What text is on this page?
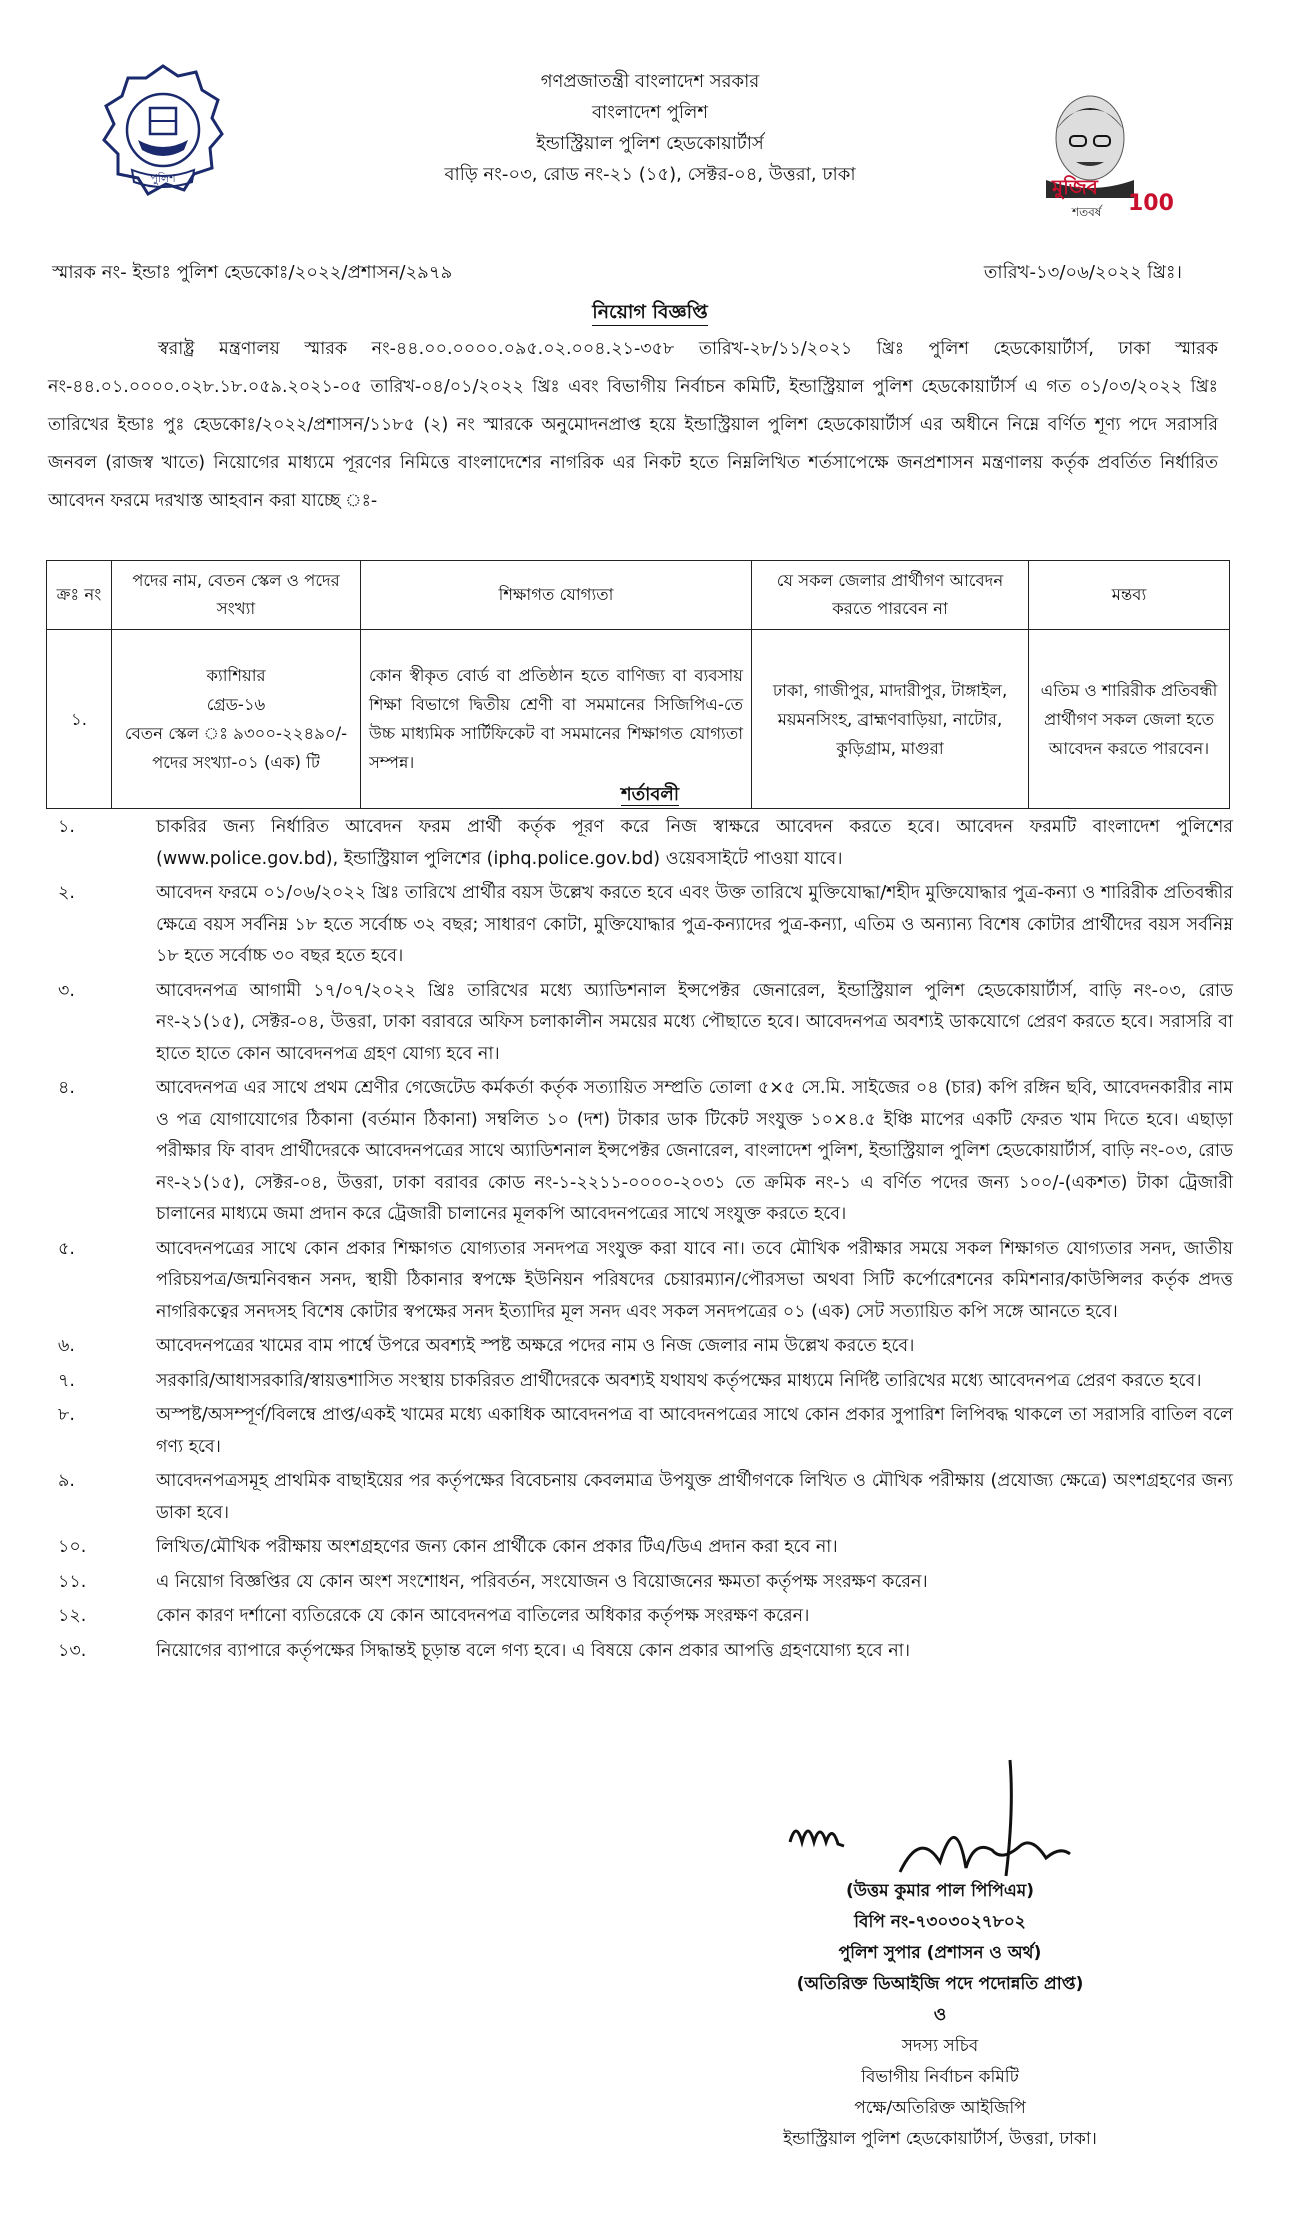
পুলিশ
গণপ্রজাতন্ত্রী বাংলাদেশ সরকার
বাংলাদেশ পুলিশ
ইন্ডাস্ট্রিয়াল পুলিশ হেডকোয়ার্টার্স
বাড়ি নং-০৩, রোড নং-২১ (১৫), সেক্টর-০৪, উত্তরা, ঢাকা
মুজিব
100
শতবর্ষ
স্মারক নং- ইন্ডাঃ পুলিশ হেডকোঃ/২০২২/প্রশাসন/২৯৭৯	তারিখ-১৩/০৬/২০২২ খ্রিঃ।
নিয়োগ বিজ্ঞপ্তি
স্বরাষ্ট্র মন্ত্রণালয় স্মারক নং-৪৪.০০.০০০০.০৯৫.০২.০০৪.২১-৩৫৮ তারিখ-২৮/১১/২০২১ খ্রিঃ পুলিশ হেডকোয়ার্টার্স, ঢাকা স্মারক নং-৪৪.০১.০০০০.০২৮.১৮.০৫৯.২০২১-০৫ তারিখ-০৪/০১/২০২২ খ্রিঃ এবং বিভাগীয় নির্বাচন কমিটি, ইন্ডাস্ট্রিয়াল পুলিশ হেডকোয়ার্টার্স এ গত ০১/০৩/২০২২ খ্রিঃ তারিখের ইন্ডাঃ পুঃ হেডকোঃ/২০২২/প্রশাসন/১১৮৫ (২) নং স্মারকে অনুমোদনপ্রাপ্ত হয়ে ইন্ডাস্ট্রিয়াল পুলিশ হেডকোয়ার্টার্স এর অধীনে নিম্নে বর্ণিত শূণ্য পদে সরাসরি জনবল (রাজস্ব খাতে) নিয়োগের মাধ্যমে পূরণের নিমিত্তে বাংলাদেশের নাগরিক এর নিকট হতে নিম্নলিখিত শর্তসাপেক্ষে জনপ্রশাসন মন্ত্রণালয় কর্তৃক প্রবর্তিত নির্ধারিত আবেদন ফরমে দরখাস্ত আহবান করা যাচ্ছে ঃ-
ক্রঃ নং	পদের নাম, বেতন স্কেল ও পদের সংখ্যা	শিক্ষাগত যোগ্যতা	যে সকল জেলার প্রার্থীগণ আবেদন করতে পারবেন না	মন্তব্য
১.	ক্যাশিয়ার
গ্রেড-১৬
বেতন স্কেল ঃ ৯৩০০-২২৪৯০/-
পদের সংখ্যা-০১ (এক) টি	কোন স্বীকৃত বোর্ড বা প্রতিষ্ঠান হতে বাণিজ্য বা ব্যবসায় শিক্ষা বিভাগে দ্বিতীয় শ্রেণী বা সমমানের সিজিপিএ-তে উচ্চ মাধ্যমিক সার্টিফিকেট বা সমমানের শিক্ষাগত যোগ্যতা সম্পন্ন।	ঢাকা, গাজীপুর, মাদারীপুর, টাঙ্গাইল, ময়মনসিংহ, ব্রাহ্মণবাড়িয়া, নাটোর, কুড়িগ্রাম, মাগুরা	এতিম ও শারিরীক প্রতিবন্ধী প্রার্থীগণ সকল জেলা হতে আবেদন করতে পারবেন।
শর্তাবলী
১.	চাকরির জন্য নির্ধারিত আবেদন ফরম প্রার্থী কর্তৃক পূরণ করে নিজ স্বাক্ষরে আবেদন করতে হবে। আবেদন ফরমটি বাংলাদেশ পুলিশের (www.police.gov.bd), ইন্ডাস্ট্রিয়াল পুলিশের (iphq.police.gov.bd) ওয়েবসাইটে পাওয়া যাবে।
২.	আবেদন ফরমে ০১/০৬/২০২২ খ্রিঃ তারিখে প্রার্থীর বয়স উল্লেখ করতে হবে এবং উক্ত তারিখে মুক্তিযোদ্ধা/শহীদ মুক্তিযোদ্ধার পুত্র-কন্যা ও শারিরীক প্রতিবন্ধীর ক্ষেত্রে বয়স সর্বনিম্ন ১৮ হতে সর্বোচ্চ ৩২ বছর; সাধারণ কোটা, মুক্তিযোদ্ধার পুত্র-কন্যাদের পুত্র-কন্যা, এতিম ও অন্যান্য বিশেষ কোটার প্রার্থীদের বয়স সর্বনিম্ন ১৮ হতে সর্বোচ্চ ৩০ বছর হতে হবে।
৩.	আবেদনপত্র আগামী ১৭/০৭/২০২২ খ্রিঃ তারিখের মধ্যে অ্যাডিশনাল ইন্সপেক্টর জেনারেল, ইন্ডাস্ট্রিয়াল পুলিশ হেডকোয়ার্টার্স, বাড়ি নং-০৩, রোড নং-২১(১৫), সেক্টর-০৪, উত্তরা, ঢাকা বরাবরে অফিস চলাকালীন সময়ের মধ্যে পৌছাতে হবে। আবেদনপত্র অবশ্যই ডাকযোগে প্রেরণ করতে হবে। সরাসরি বা হাতে হাতে কোন আবেদনপত্র গ্রহণ যোগ্য হবে না।
৪.	আবেদনপত্র এর সাথে প্রথম শ্রেণীর গেজেটেড কর্মকর্তা কর্তৃক সত্যায়িত সম্প্রতি তোলা ৫×৫ সে.মি. সাইজের ০৪ (চার) কপি রঙ্গিন ছবি, আবেদনকারীর নাম ও পত্র যোগাযোগের ঠিকানা (বর্তমান ঠিকানা) সম্বলিত ১০ (দশ) টাকার ডাক টিকেট সংযুক্ত ১০×৪.৫ ইঞ্চি মাপের একটি ফেরত খাম দিতে হবে। এছাড়া পরীক্ষার ফি বাবদ প্রার্থীদেরকে আবেদনপত্রের সাথে অ্যাডিশনাল ইন্সপেক্টর জেনারেল, বাংলাদেশ পুলিশ, ইন্ডাস্ট্রিয়াল পুলিশ হেডকোয়ার্টার্স, বাড়ি নং-০৩, রোড নং-২১(১৫), সেক্টর-০৪, উত্তরা, ঢাকা বরাবর কোড নং-১-২২১১-০০০০-২০৩১ তে ক্রমিক নং-১ এ বর্ণিত পদের জন্য ১০০/-(একশত) টাকা ট্রেজারী চালানের মাধ্যমে জমা প্রদান করে ট্রেজারী চালানের মূলকপি আবেদনপত্রের সাথে সংযুক্ত করতে হবে।
৫.	আবেদনপত্রের সাথে কোন প্রকার শিক্ষাগত যোগ্যতার সনদপত্র সংযুক্ত করা যাবে না। তবে মৌখিক পরীক্ষার সময়ে সকল শিক্ষাগত যোগ্যতার সনদ, জাতীয় পরিচয়পত্র/জন্মনিবন্ধন সনদ, স্থায়ী ঠিকানার স্বপক্ষে ইউনিয়ন পরিষদের চেয়ারম্যান/পৌরসভা অথবা সিটি কর্পোরেশনের কমিশনার/কাউন্সিলর কর্তৃক প্রদত্ত নাগরিকত্বের সনদসহ বিশেষ কোটার স্বপক্ষের সনদ ইত্যাদির মূল সনদ এবং সকল সনদপত্রের ০১ (এক) সেট সত্যায়িত কপি সঙ্গে আনতে হবে।
৬.	আবেদনপত্রের খামের বাম পার্শ্বে উপরে অবশ্যই স্পষ্ট অক্ষরে পদের নাম ও নিজ জেলার নাম উল্লেখ করতে হবে।
৭.	সরকারি/আধাসরকারি/স্বায়ত্তশাসিত সংস্থায় চাকরিরত প্রার্থীদেরকে অবশ্যই যথাযথ কর্তৃপক্ষের মাধ্যমে নির্দিষ্ট তারিখের মধ্যে আবেদনপত্র প্রেরণ করতে হবে।
৮.	অস্পষ্ট/অসম্পূর্ণ/বিলম্বে প্রাপ্ত/একই খামের মধ্যে একাধিক আবেদনপত্র বা আবেদনপত্রের সাথে কোন প্রকার সুপারিশ লিপিবদ্ধ থাকলে তা সরাসরি বাতিল বলে গণ্য হবে।
৯.	আবেদনপত্রসমূহ প্রাথমিক বাছাইয়ের পর কর্তৃপক্ষের বিবেচনায় কেবলমাত্র উপযুক্ত প্রার্থীগণকে লিখিত ও মৌখিক পরীক্ষায় (প্রযোজ্য ক্ষেত্রে) অংশগ্রহণের জন্য ডাকা হবে।
১০.	লিখিত/মৌখিক পরীক্ষায় অংশগ্রহণের জন্য কোন প্রার্থীকে কোন প্রকার টিএ/ডিএ প্রদান করা হবে না।
১১.	এ নিয়োগ বিজ্ঞপ্তির যে কোন অংশ সংশোধন, পরিবর্তন, সংযোজন ও বিয়োজনের ক্ষমতা কর্তৃপক্ষ সংরক্ষণ করেন।
১২.	কোন কারণ দর্শানো ব্যতিরেকে যে কোন আবেদনপত্র বাতিলের অধিকার কর্তৃপক্ষ সংরক্ষণ করেন।
১৩.	নিয়োগের ব্যাপারে কর্তৃপক্ষের সিদ্ধান্তই চূড়ান্ত বলে গণ্য হবে। এ বিষয়ে কোন প্রকার আপত্তি গ্রহণযোগ্য হবে না।
(উত্তম কুমার পাল পিপিএম)
বিপি নং-৭৩০৩০২৭৮০২
পুলিশ সুপার (প্রশাসন ও অর্থ)
(অতিরিক্ত ডিআইজি পদে পদোন্নতি প্রাপ্ত)
ও
সদস্য সচিব
বিভাগীয় নির্বাচন কমিটি
পক্ষে/অতিরিক্ত আইজিপি
ইন্ডাস্ট্রিয়াল পুলিশ হেডকোয়ার্টার্স, উত্তরা, ঢাকা।
